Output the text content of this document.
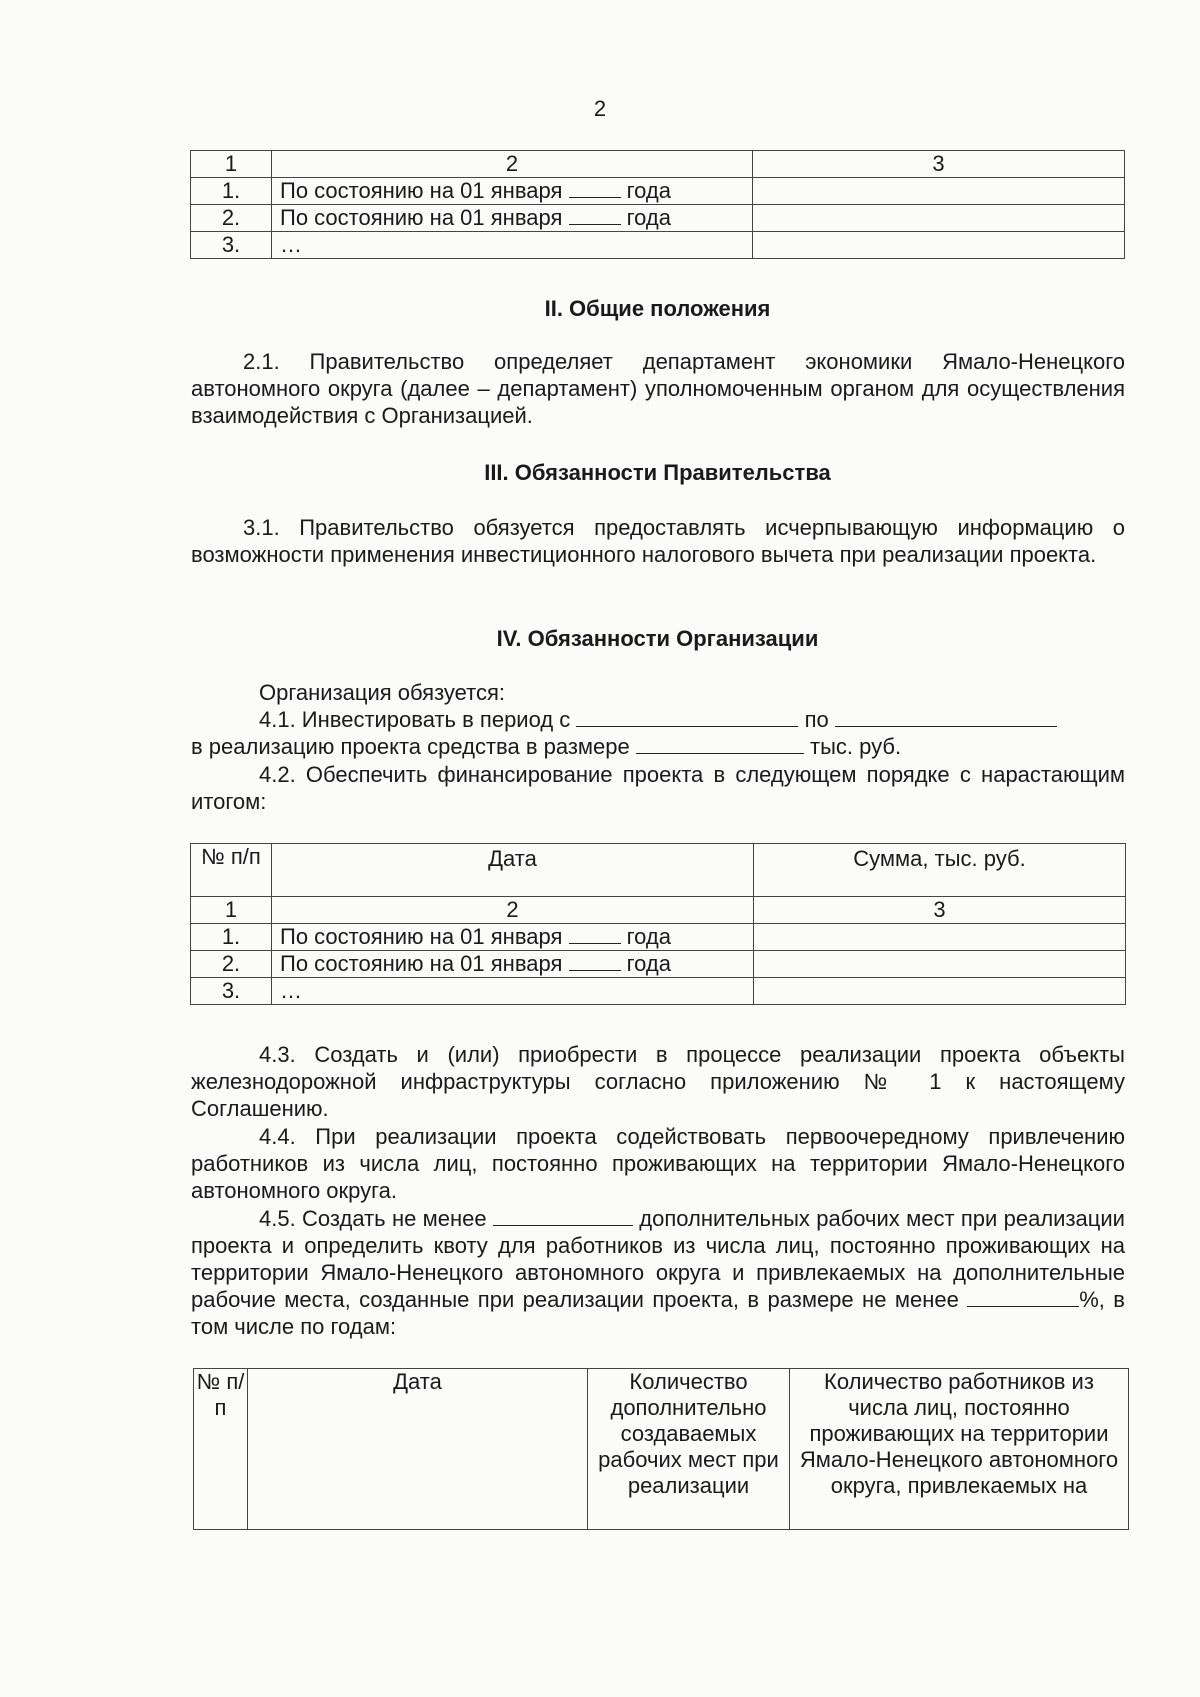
2
1	2	3
1.	По состоянию на 01 января года	
2.	По состоянию на 01 января года	
3.	…	
II. Общие положения
2.1. Правительство определяет департамент экономики Ямало-Ненецкого автономного округа (далее – департамент) уполномоченным органом для осуществления взаимодействия с Организацией.
III. Обязанности Правительства
3.1. Правительство обязуется предоставлять исчерпывающую информацию о возможности применения инвестиционного налогового вычета при реализации проекта.
IV. Обязанности Организации
Организация обязуется:
4.1. Инвестировать в период с	по
в реализацию проекта средства в размере	тыс. руб.
4.2. Обеспечить финансирование проекта в следующем порядке с нарастающим итогом:
№ п/п	Дата	Сумма, тыс. руб.
1	2	3
1.	По состоянию на 01 января года	
2.	По состоянию на 01 января года	
3.	…	
4.3. Создать и (или) приобрести в процессе реализации проекта объекты железнодорожной инфраструктуры согласно приложению № 1 к настоящему Соглашению.
4.4. При реализации проекта содействовать первоочередному привлечению работников из числа лиц, постоянно проживающих на территории Ямало-Ненецкого автономного округа.
4.5. Создать не менее	дополнительных рабочих мест при реализации проекта и определить квоту для работников из числа лиц, постоянно проживающих на территории Ямало-Ненецкого автономного округа и привлекаемых на дополнительные рабочие места, созданные при реализации проекта, в размере не менее	%, в том числе по годам:
№ п/п	Дата	Количество дополнительно создаваемых рабочих мест при реализации	Количество работников из числа лиц, постоянно проживающих на территории Ямало-Ненецкого автономного округа, привлекаемых на
